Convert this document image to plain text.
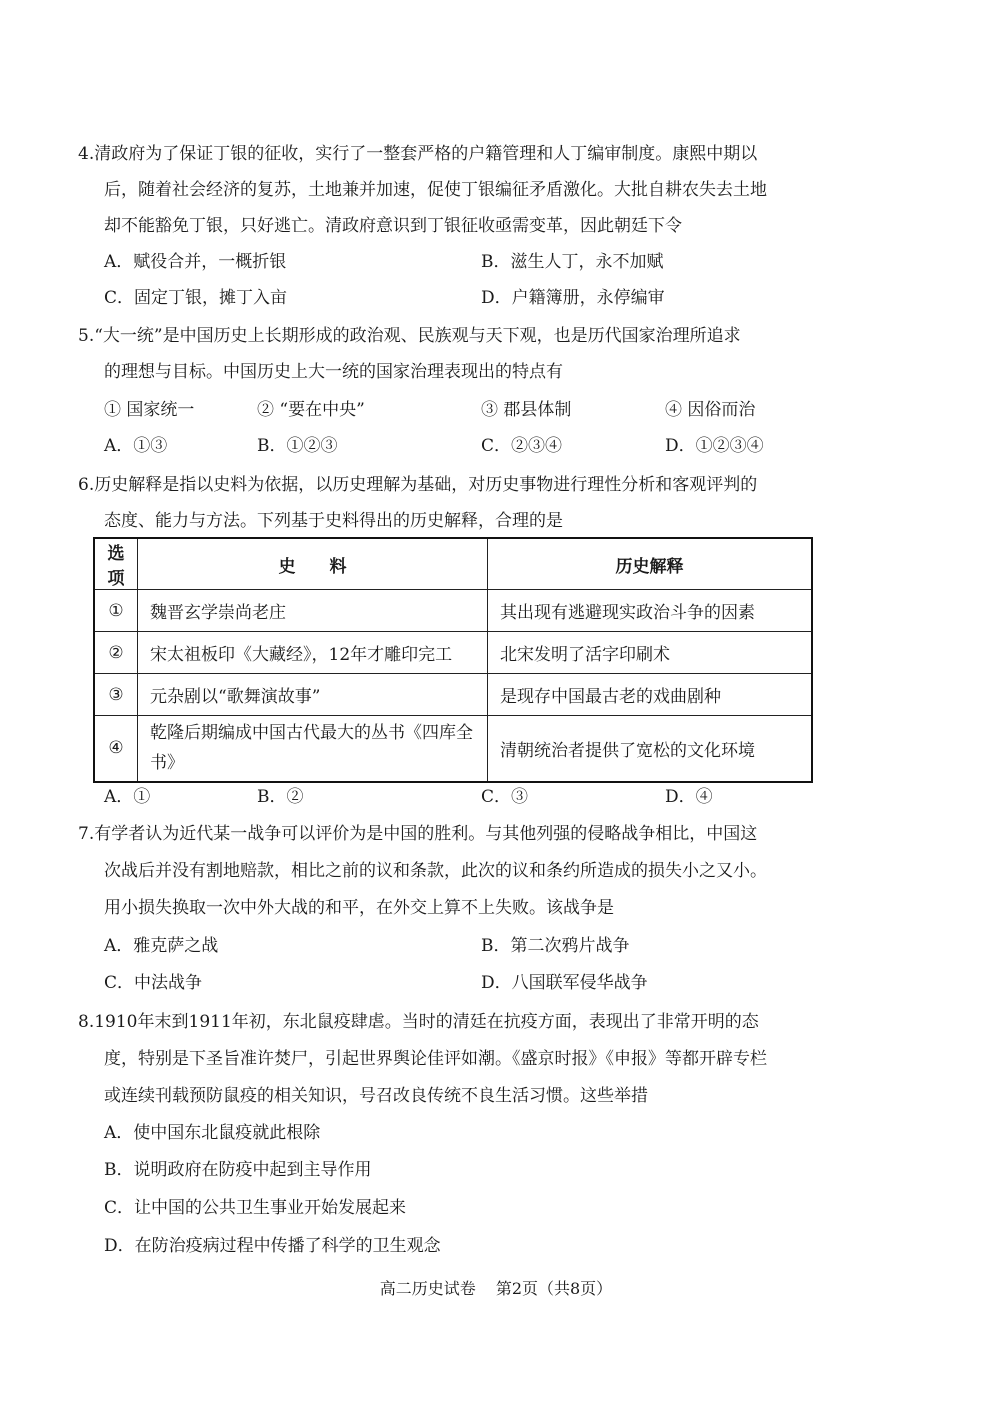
4.清政府为了保证丁银的征收，实行了一整套严格的户籍管理和人丁编审制度。康熙中期以
后，随着社会经济的复苏，土地兼并加速，促使丁银编征矛盾激化。大批自耕农失去土地
却不能豁免丁银，只好逃亡。清政府意识到丁银征收亟需变革，因此朝廷下令
A．赋役合并，一概折银	B．滋生人丁，永不加赋
C．固定丁银，摊丁入亩	D．户籍簿册，永停编审
5.“大一统”是中国历史上长期形成的政治观、民族观与天下观，也是历代国家治理所追求
的理想与目标。中国历史上大一统的国家治理表现出的特点有
① 国家统一	② “要在中央”	③ 郡县体制	④ 因俗而治
A．①③	B．①②③	C．②③④	D．①②③④
6.历史解释是指以史料为依据，以历史理解为基础，对历史事物进行理性分析和客观评判的
态度、能力与方法。下列基于史料得出的历史解释，合理的是
选项	史　　料	历史解释
①	魏晋玄学崇尚老庄	其出现有逃避现实政治斗争的因素
②	宋太祖板印《大藏经》，12年才雕印完工	北宋发明了活字印刷术
③	元杂剧以“歌舞演故事”	是现存中国最古老的戏曲剧种
④	乾隆后期编成中国古代最大的丛书《四库全书》	清朝统治者提供了宽松的文化环境
A．①	B．②	C．③	D．④
7.有学者认为近代某一战争可以评价为是中国的胜利。与其他列强的侵略战争相比，中国这
次战后并没有割地赔款，相比之前的议和条款，此次的议和条约所造成的损失小之又小。
用小损失换取一次中外大战的和平，在外交上算不上失败。该战争是
A．雅克萨之战	B．第二次鸦片战争
C．中法战争	D．八国联军侵华战争
8.1910年末到1911年初，东北鼠疫肆虐。当时的清廷在抗疫方面，表现出了非常开明的态
度，特别是下圣旨准许焚尸，引起世界舆论佳评如潮。《盛京时报》《申报》等都开辟专栏
或连续刊载预防鼠疫的相关知识，号召改良传统不良生活习惯。这些举措
A．使中国东北鼠疫就此根除
B．说明政府在防疫中起到主导作用
C．让中国的公共卫生事业开始发展起来
D．在防治疫病过程中传播了科学的卫生观念
高二历史试卷 第2页（共8页）
